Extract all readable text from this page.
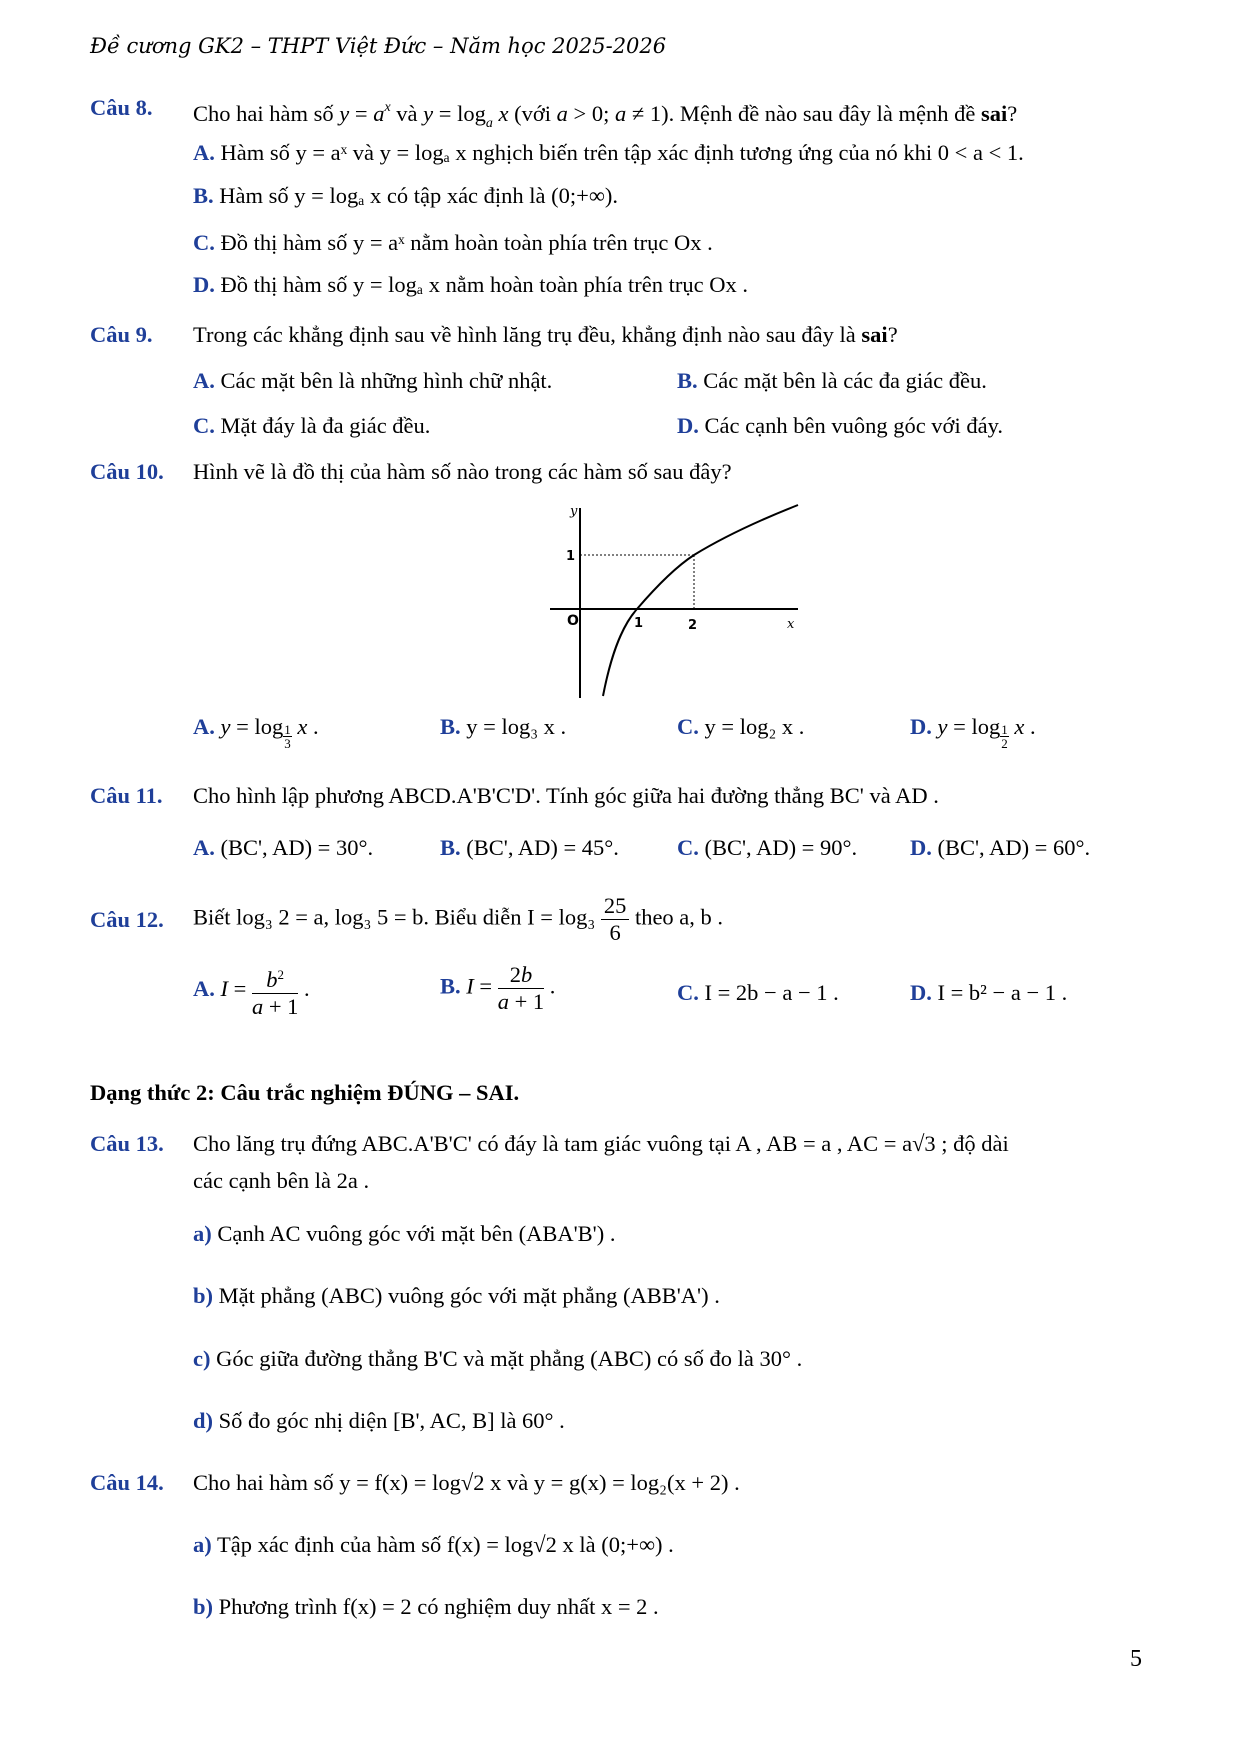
Đề cương GK2 – THPT Việt Đức – Năm học 2025-2026
Câu 8. Cho hai hàm số $y = a^x$ và $y = \log_a x$ (với a > 0; a ≠ 1). Mệnh đề nào sau đây là mệnh đề sai?
A. Hàm số y = aˣ và y = logₐ x nghịch biến trên tập xác định tương ứng của nó khi 0 < a < 1.
B. Hàm số y = logₐ x có tập xác định là (0;+∞).
C. Đồ thị hàm số y = aˣ nằm hoàn toàn phía trên trục Ox .
D. Đồ thị hàm số y = logₐ x nằm hoàn toàn phía trên trục Ox .
Câu 9. Trong các khẳng định sau về hình lăng trụ đều, khẳng định nào sau đây là sai?
A. Các mặt bên là những hình chữ nhật.	B. Các mặt bên là các đa giác đều.
C. Mặt đáy là đa giác đều.	D. Các cạnh bên vuông góc với đáy.
Câu 10. Hình vẽ là đồ thị của hàm số nào trong các hàm số sau đây?
y
x
O	1	2
1
A. $y = \log \frac{1}{3}$ x .	B. y = log₃ x .	C. y = log₂ x .	D. $y = \log \frac{1}{2}$ x .
Câu 11. Cho hình lập phương ABCD.A'B'C'D'. Tính góc giữa hai đường thẳng BC' và AD .
A. (BC', AD) = 30°.	B. (BC', AD) = 45°.	C. (BC', AD) = 90°. D. (BC', AD) = 60°.
Câu 12. Biết log₃ 2 = a, log₃ 5 = b. Biểu diễn $I = \log_3 \frac{25}{6}$ theo a, b .
A. $I = \frac{b^2}{a + 1}$ .	B. $I = \frac{2b}{a + 1}$ .	C. I = 2b − a − 1 .	D. I = b² − a − 1 .
Dạng thức 2: Câu trắc nghiệm ĐÚNG – SAI.
Câu 13. Cho lăng trụ đứng ABC.A'B'C' có đáy là tam giác vuông tại A , AB = a , AC = a√3 ; độ dài
các cạnh bên là 2a .
a) Cạnh AC vuông góc với mặt bên (ABA'B') .
b) Mặt phẳng (ABC) vuông góc với mặt phẳng (ABB'A') .
c) Góc giữa đường thẳng B'C và mặt phẳng (ABC) có số đo là 30° .
d) Số đo góc nhị diện [B', AC, B] là 60° .
Câu 14. Cho hai hàm số y = f(x) = log√2 x và y = g(x) = log₂(x + 2) .
a) Tập xác định của hàm số f(x) = log√2 x là (0;+∞) .
b) Phương trình f(x) = 2 có nghiệm duy nhất x = 2 .
5
